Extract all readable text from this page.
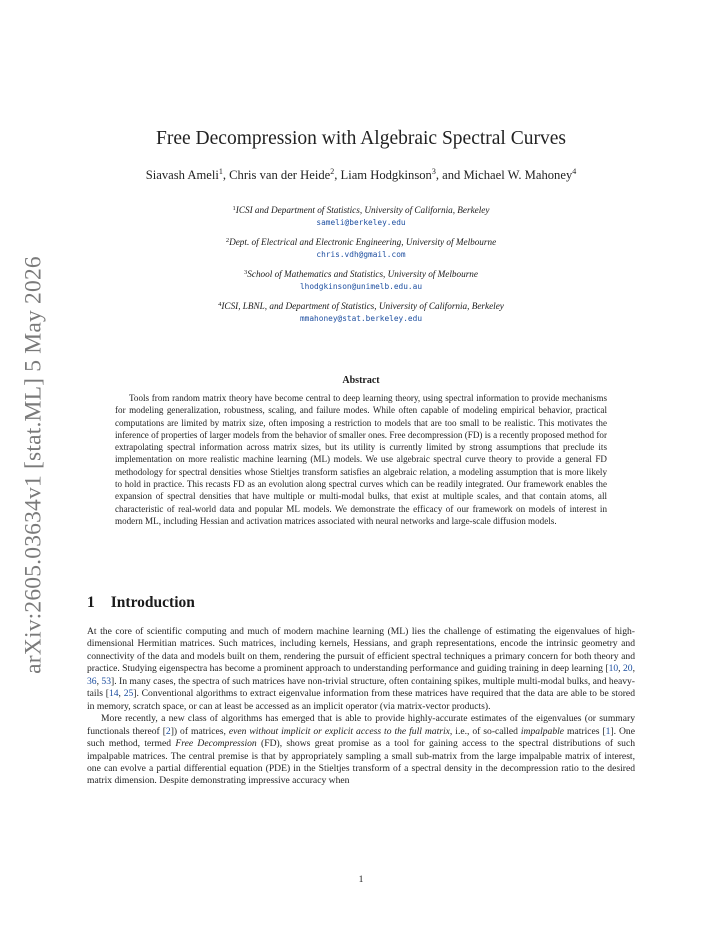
arXiv:2605.03634v1 [stat.ML] 5 May 2026
Free Decompression with Algebraic Spectral Curves
Siavash Ameli$^1$, Chris van der Heide$^2$, Liam Hodgkinson$^3$, and Michael W. Mahoney$^4$
$^1$ICSI and Department of Statistics, University of California, Berkeley
sameli@berkeley.edu
$^2$Dept. of Electrical and Electronic Engineering, University of Melbourne
chris.vdh@gmail.com
$^3$School of Mathematics and Statistics, University of Melbourne
lhodgkinson@unimelb.edu.au
$^4$ICSI, LBNL, and Department of Statistics, University of California, Berkeley
mmahoney@stat.berkeley.edu
Abstract
Tools from random matrix theory have become central to deep learning theory, using spectral information to provide mechanisms for modeling generalization, robustness, scaling, and failure modes. While often capable of modeling empirical behavior, practical computations are limited by matrix size, often imposing a restriction to models that are too small to be realistic. This motivates the inference of properties of larger models from the behavior of smaller ones. Free decompression (FD) is a recently proposed method for extrapolating spectral information across matrix sizes, but its utility is currently limited by strong assumptions that preclude its implementation on more realistic machine learning (ML) models. We use algebraic spectral curve theory to provide a general FD methodology for spectral densities whose Stieltjes transform satisfies an algebraic relation, a modeling assumption that is more likely to hold in practice. This recasts FD as an evolution along spectral curves which can be readily integrated. Our framework enables the expansion of spectral densities that have multiple or multi-modal bulks, that exist at multiple scales, and that contain atoms, all characteristic of real-world data and popular ML models. We demonstrate the efficacy of our framework on models of interest in modern ML, including Hessian and activation matrices associated with neural networks and large-scale diffusion models.
1 Introduction

At the core of scientific computing and much of modern machine learning (ML) lies the challenge of estimating the eigenvalues of high-dimensional Hermitian matrices. Such matrices, including kernels, Hessians, and graph representations, encode the intrinsic geometry and connectivity of the data and models built on them, rendering the pursuit of efficient spectral techniques a primary concern for both theory and practice. Studying eigenspectra has become a prominent approach to understanding performance and guiding training in deep learning [10, 20, 36, 53]. In many cases, the spectra of such matrices have non-trivial structure, often containing spikes, multiple multi-modal bulks, and heavy-tails [14, 25]. Conventional algorithms to extract eigenvalue information from these matrices have required that the data are able to be stored in memory, scratch space, or can at least be accessed as an implicit operator (via matrix-vector products).

More recently, a new class of algorithms has emerged that is able to provide highly-accurate estimates of the eigenvalues (or summary functionals thereof [2]) of matrices, even without implicit or explicit access to the full matrix, i.e., of so-called impalpable matrices [1]. One such method, termed Free Decompression (FD), shows great promise as a tool for gaining access to the spectral distributions of such impalpable matrices. The central premise is that by appropriately sampling a small sub-matrix from the large impalpable matrix of interest, one can evolve a partial differential equation (PDE) in the Stieltjes transform of a spectral density in the decompression ratio to the desired matrix dimension. Despite demonstrating impressive accuracy when

1
